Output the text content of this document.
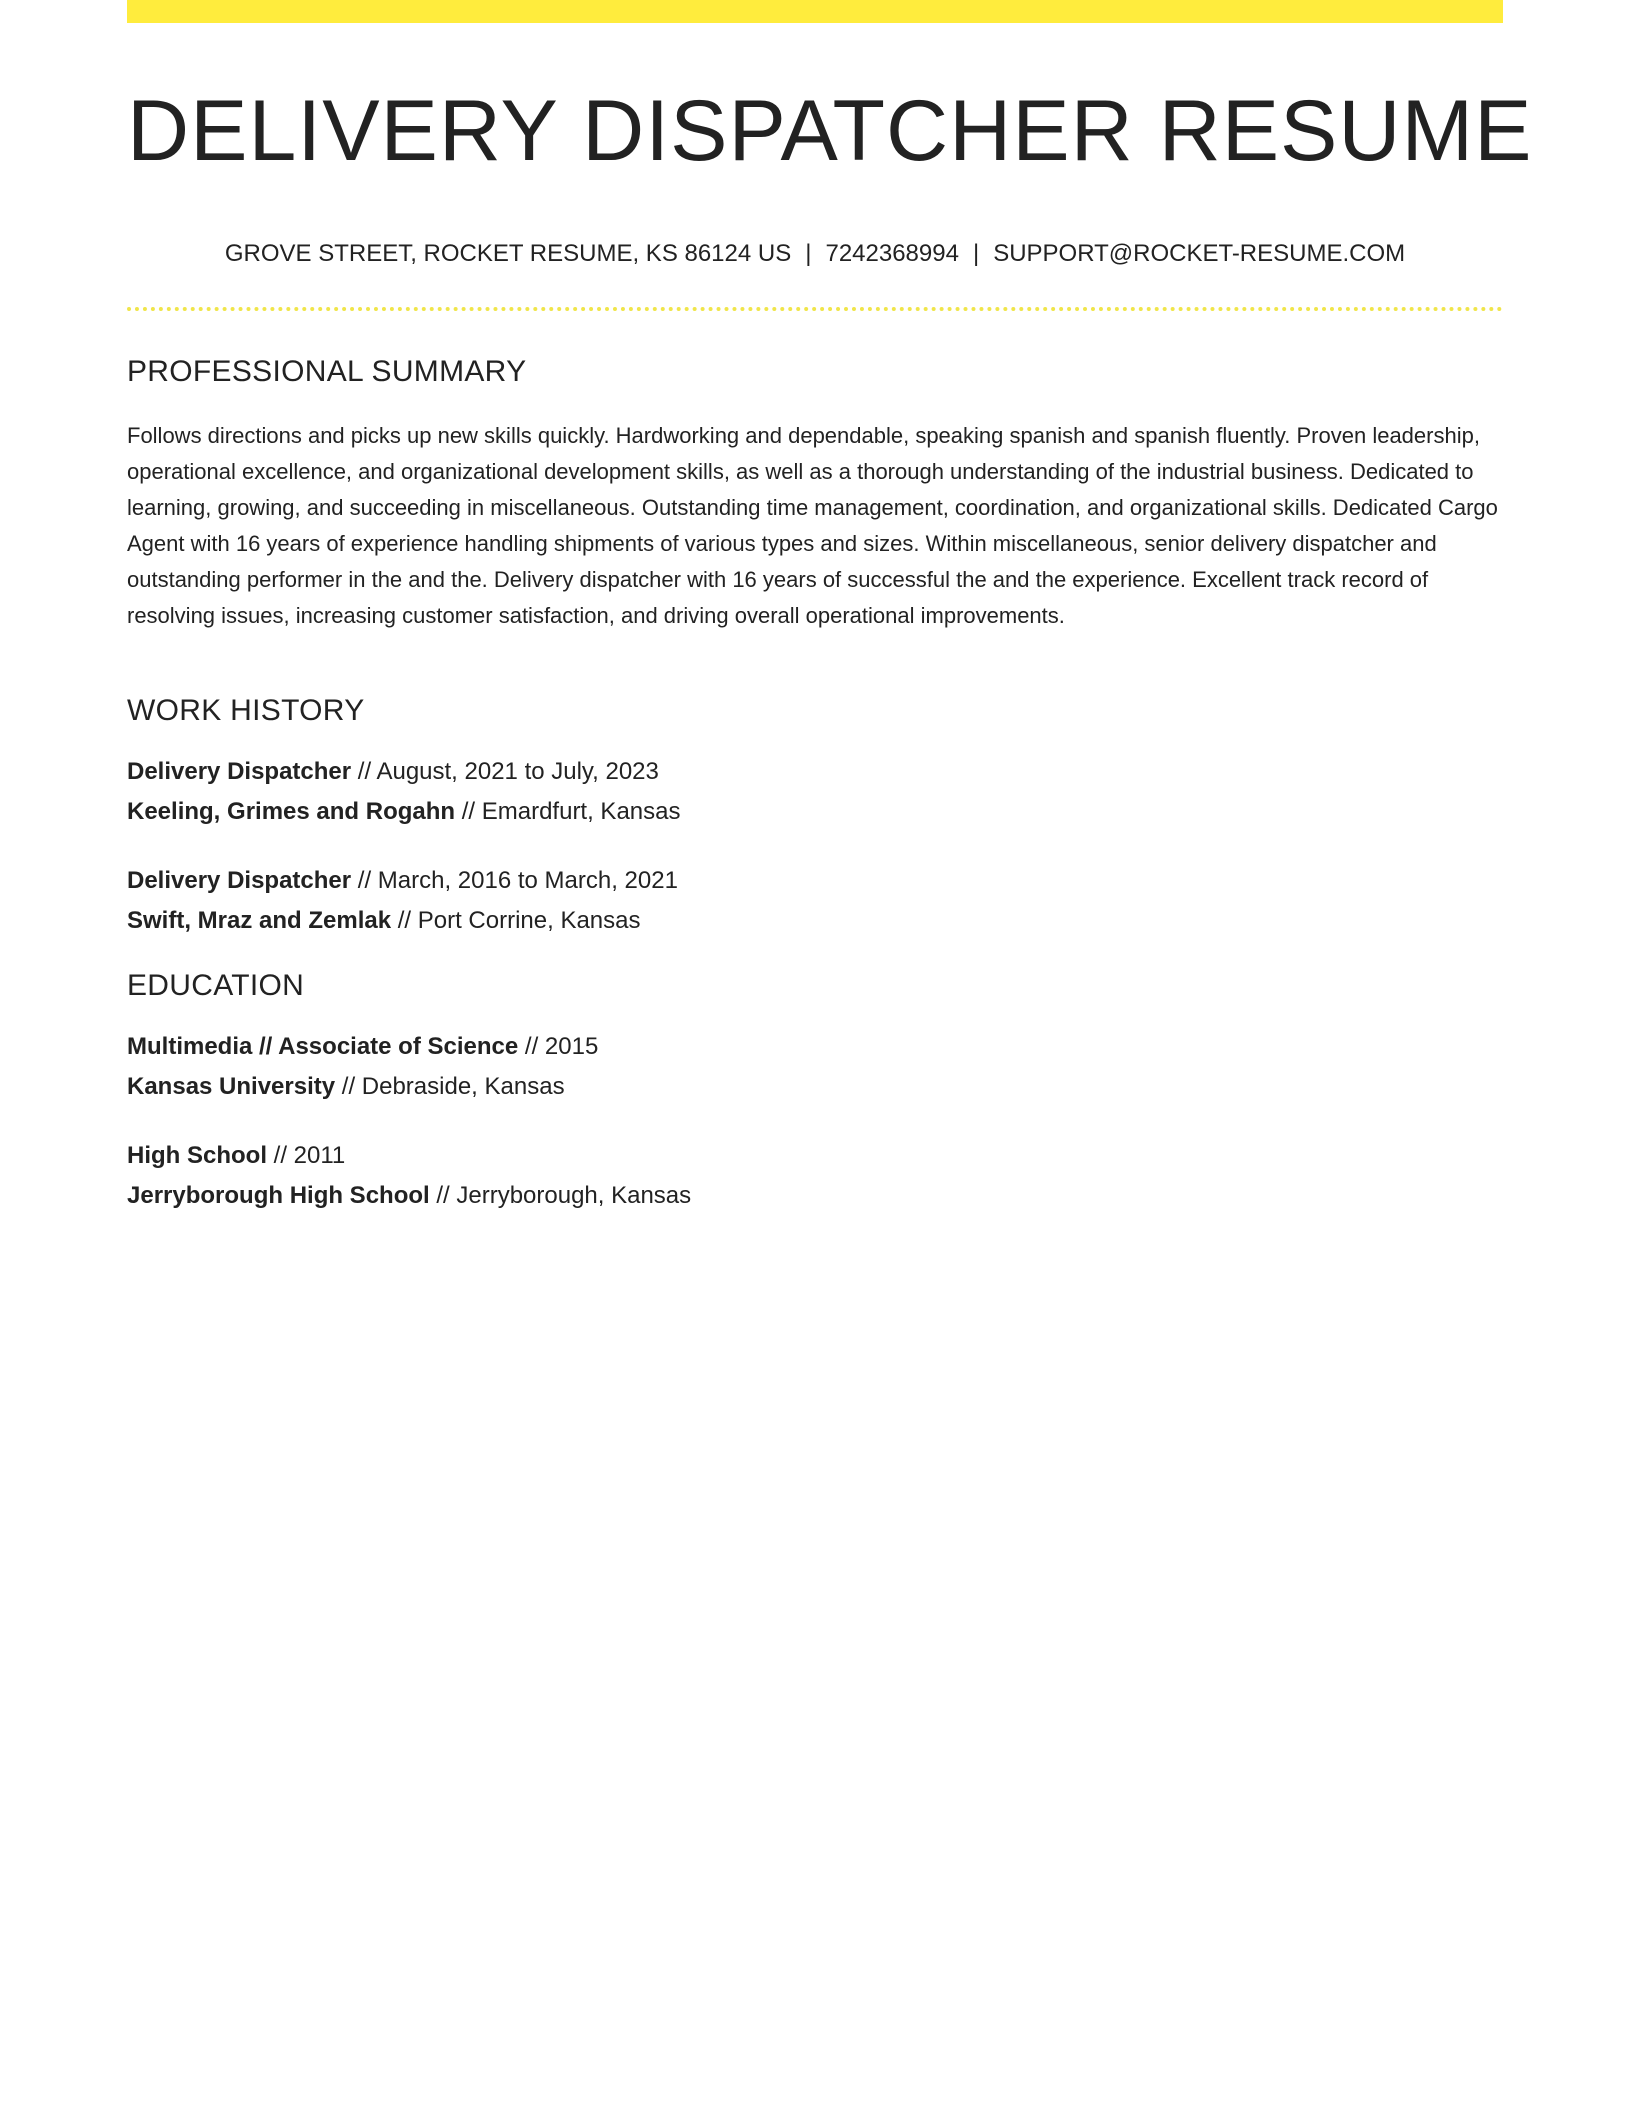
DELIVERY DISPATCHER RESUME
GROVE STREET, ROCKET RESUME, KS 86124 US | 7242368994 | SUPPORT@ROCKET-RESUME.COM
PROFESSIONAL SUMMARY
Follows directions and picks up new skills quickly. Hardworking and dependable, speaking spanish and spanish fluently. Proven leadership, operational excellence, and organizational development skills, as well as a thorough understanding of the industrial business. Dedicated to learning, growing, and succeeding in miscellaneous. Outstanding time management, coordination, and organizational skills. Dedicated Cargo Agent with 16 years of experience handling shipments of various types and sizes. Within miscellaneous, senior delivery dispatcher and outstanding performer in the and the. Delivery dispatcher with 16 years of successful the and the experience. Excellent track record of resolving issues, increasing customer satisfaction, and driving overall operational improvements.
WORK HISTORY
Delivery Dispatcher // August, 2021 to July, 2023
Keeling, Grimes and Rogahn // Emardfurt, Kansas
Delivery Dispatcher // March, 2016 to March, 2021
Swift, Mraz and Zemlak // Port Corrine, Kansas
EDUCATION
Multimedia // Associate of Science // 2015
Kansas University // Debraside, Kansas
High School // 2011
Jerryborough High School // Jerryborough, Kansas
